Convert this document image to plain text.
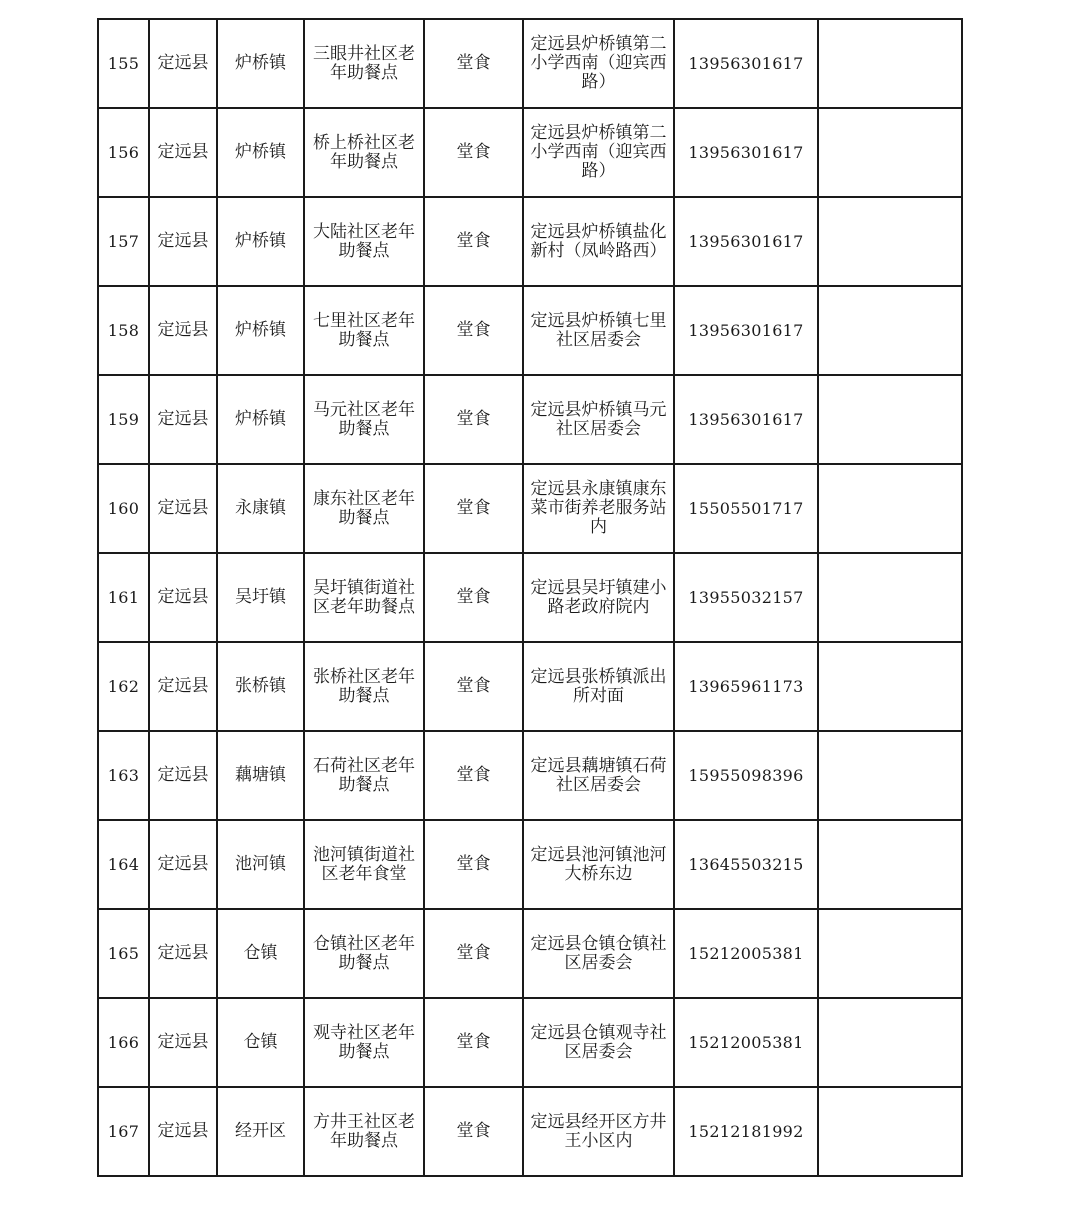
155	定远县	炉桥镇	三眼井社区老年助餐点	堂食	定远县炉桥镇第二小学西南（迎宾西路）	13956301617	
156	定远县	炉桥镇	桥上桥社区老年助餐点	堂食	定远县炉桥镇第二小学西南（迎宾西路）	13956301617	
157	定远县	炉桥镇	大陆社区老年助餐点	堂食	定远县炉桥镇盐化新村（凤岭路西）	13956301617	
158	定远县	炉桥镇	七里社区老年助餐点	堂食	定远县炉桥镇七里社区居委会	13956301617	
159	定远县	炉桥镇	马元社区老年助餐点	堂食	定远县炉桥镇马元社区居委会	13956301617	
160	定远县	永康镇	康东社区老年助餐点	堂食	定远县永康镇康东菜市街养老服务站内	15505501717	
161	定远县	吴圩镇	吴圩镇街道社区老年助餐点	堂食	定远县吴圩镇建小路老政府院内	13955032157	
162	定远县	张桥镇	张桥社区老年助餐点	堂食	定远县张桥镇派出所对面	13965961173	
163	定远县	藕塘镇	石荷社区老年助餐点	堂食	定远县藕塘镇石荷社区居委会	15955098396	
164	定远县	池河镇	池河镇街道社区老年食堂	堂食	定远县池河镇池河大桥东边	13645503215	
165	定远县	仓镇	仓镇社区老年助餐点	堂食	定远县仓镇仓镇社区居委会	15212005381	
166	定远县	仓镇	观寺社区老年助餐点	堂食	定远县仓镇观寺社区居委会	15212005381	
167	定远县	经开区	方井王社区老年助餐点	堂食	定远县经开区方井王小区内	15212181992	
